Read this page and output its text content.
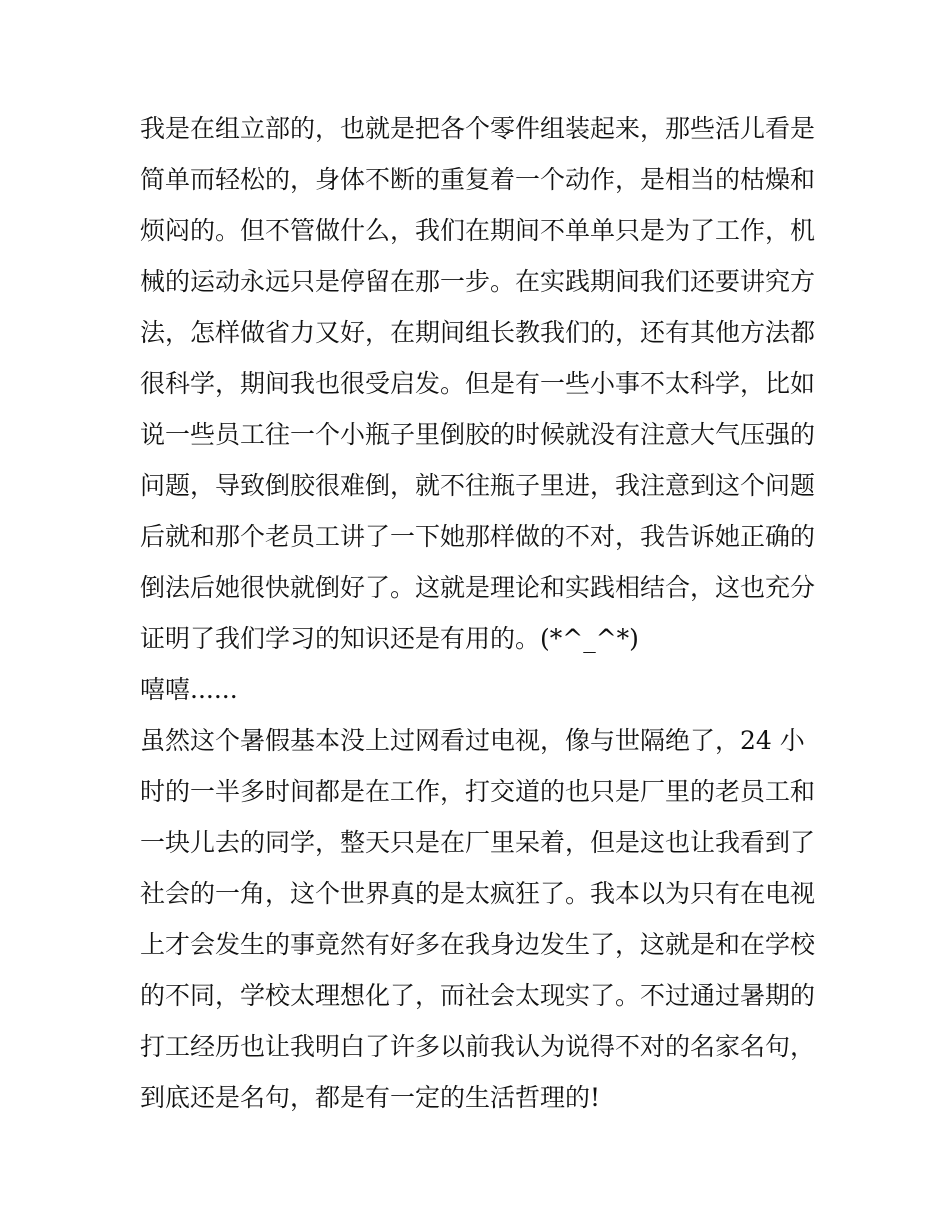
我是在组立部的，也就是把各个零件组装起来，那些活儿看是
简单而轻松的，身体不断的重复着一个动作，是相当的枯燥和
烦闷的。但不管做什么，我们在期间不单单只是为了工作，机
械的运动永远只是停留在那一步。在实践期间我们还要讲究方
法，怎样做省力又好，在期间组长教我们的，还有其他方法都
很科学，期间我也很受启发。但是有一些小事不太科学，比如
说一些员工往一个小瓶子里倒胶的时候就没有注意大气压强的
问题，导致倒胶很难倒，就不往瓶子里进，我注意到这个问题
后就和那个老员工讲了一下她那样做的不对，我告诉她正确的
倒法后她很快就倒好了。这就是理论和实践相结合，这也充分
证明了我们学习的知识还是有用的。(*^_^*)
嘻嘻......
虽然这个暑假基本没上过网看过电视，像与世隔绝了，24 小
时的一半多时间都是在工作，打交道的也只是厂里的老员工和
一块儿去的同学，整天只是在厂里呆着，但是这也让我看到了
社会的一角，这个世界真的是太疯狂了。我本以为只有在电视
上才会发生的事竟然有好多在我身边发生了，这就是和在学校
的不同，学校太理想化了，而社会太现实了。不过通过暑期的
打工经历也让我明白了许多以前我认为说得不对的名家名句，
到底还是名句，都是有一定的生活哲理的!
